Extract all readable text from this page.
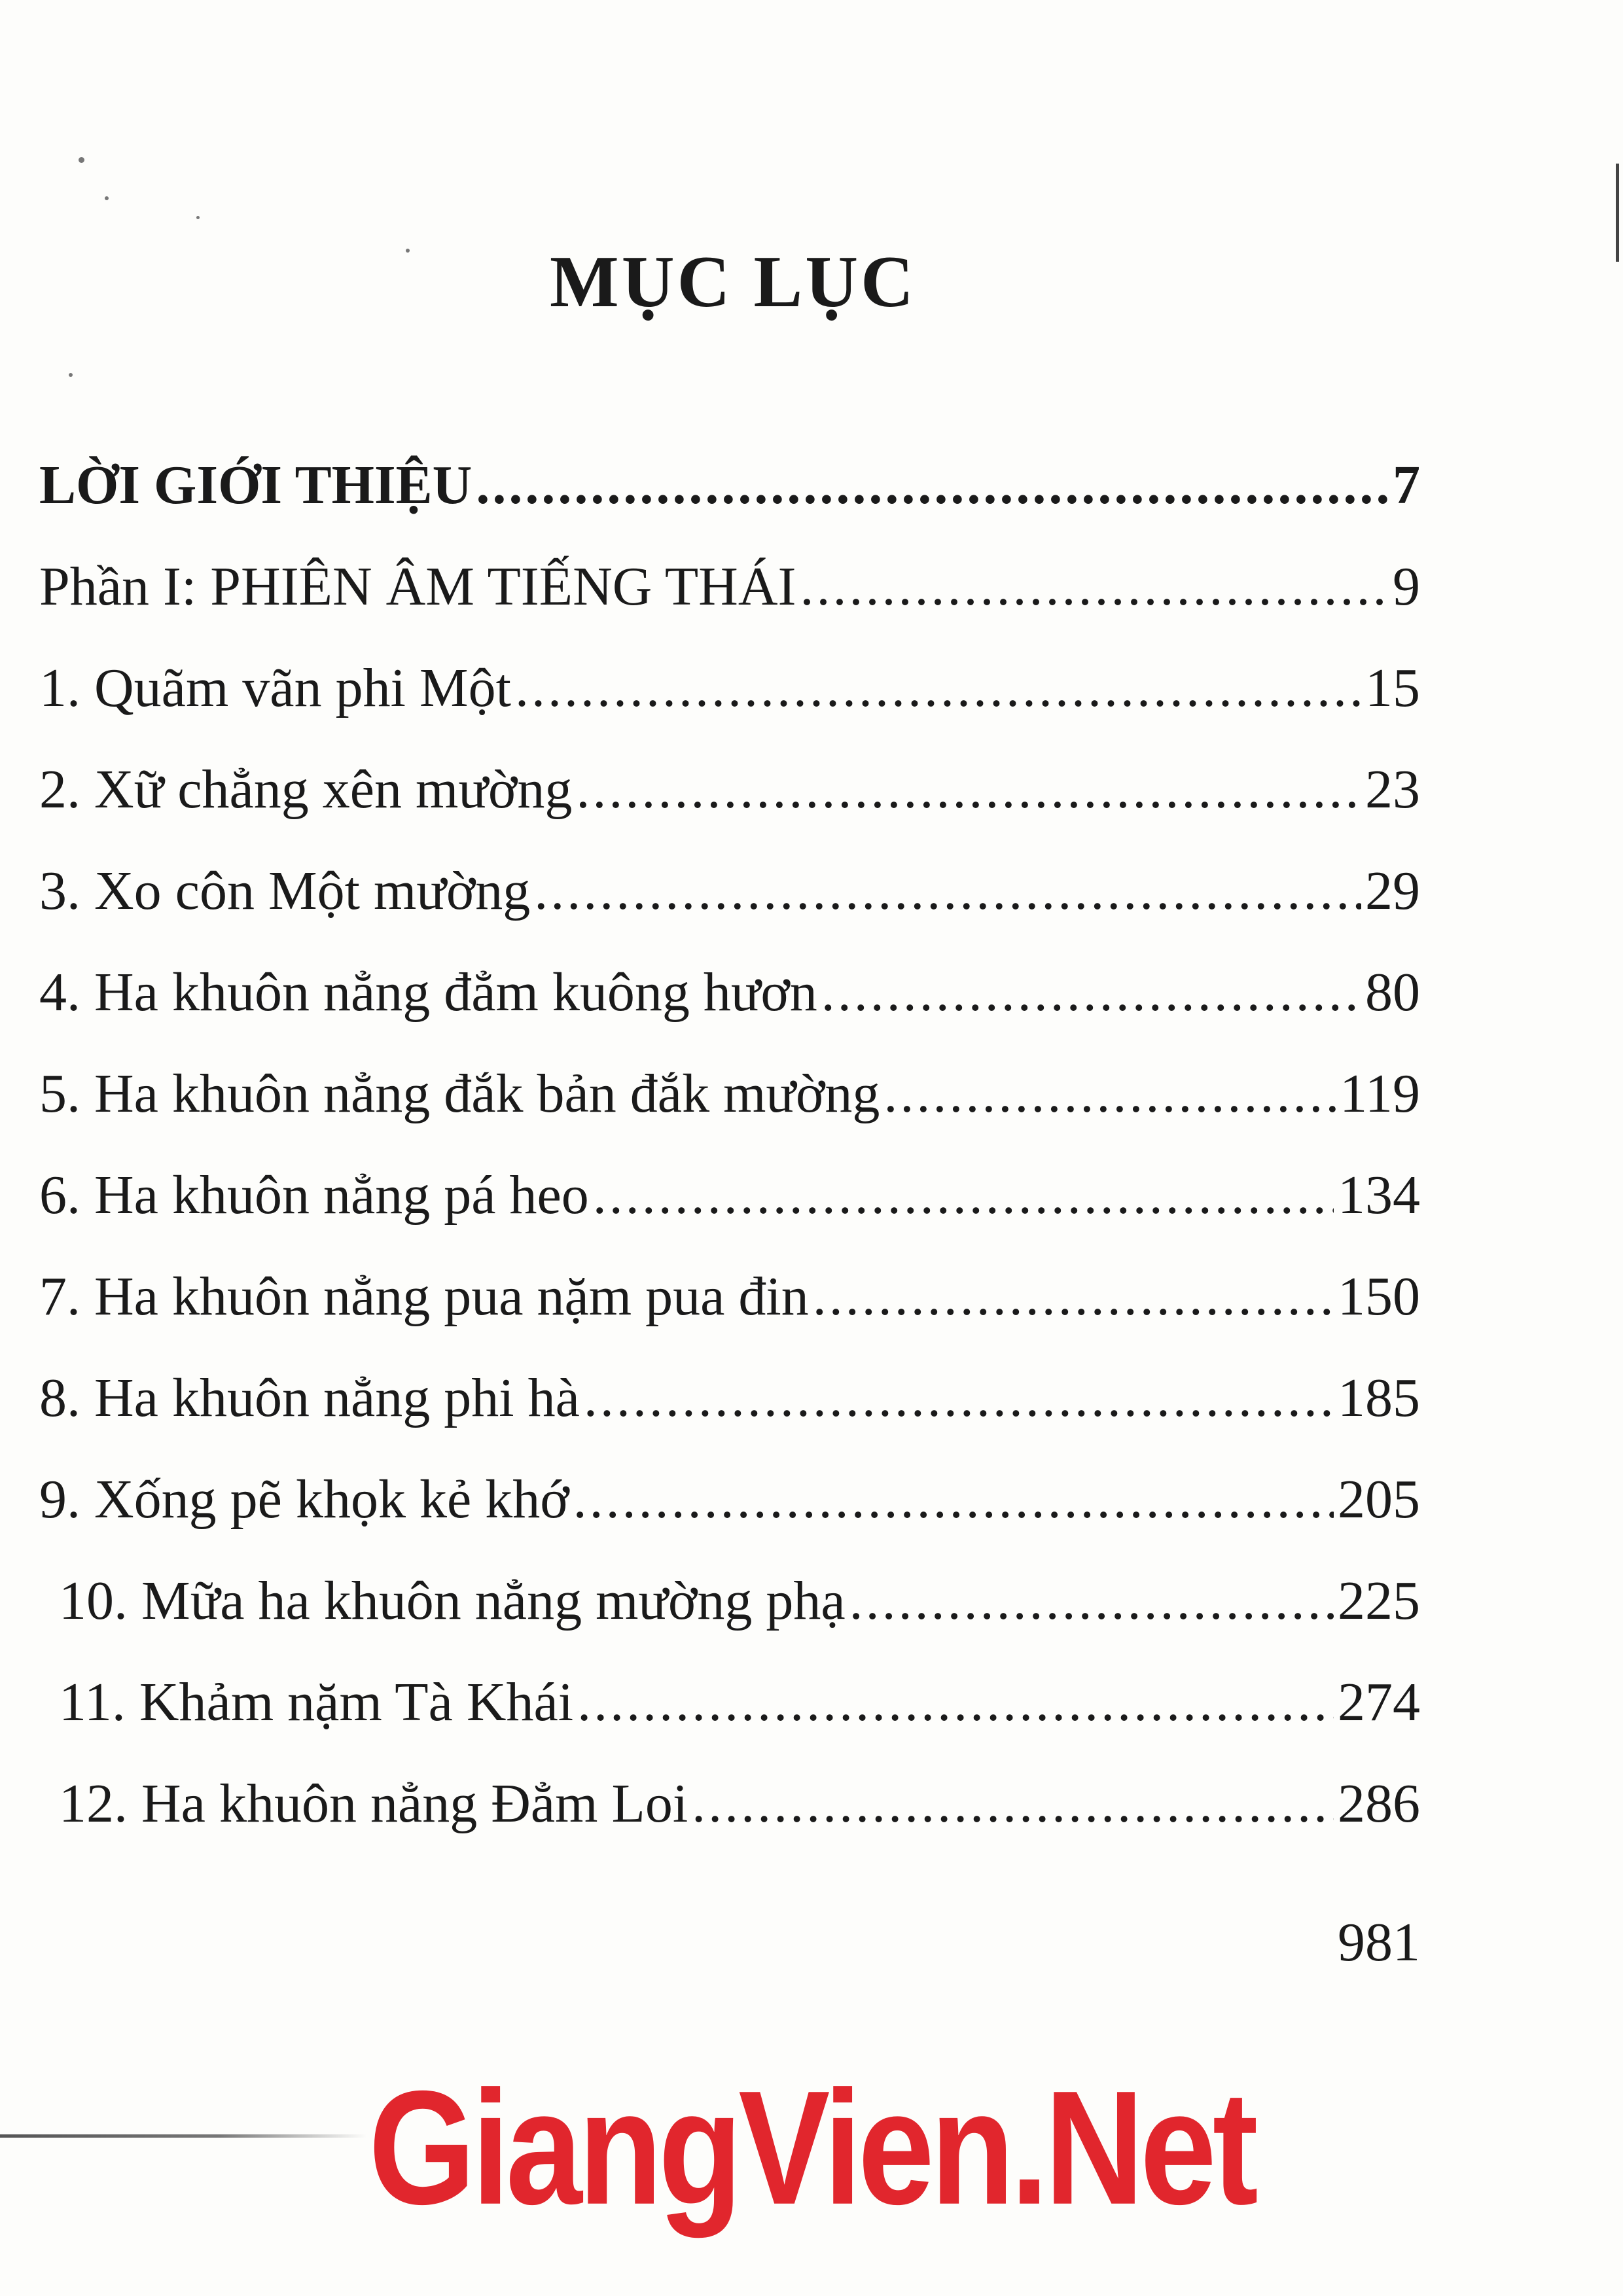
MỤC LỤC
LỜI GIỚI THIỆU .....	7
Phần I: PHIÊN ÂM TIẾNG THÁI .....	9
1. Quãm vãn phi Một .....	15
2. Xữ chẳng xên mường .....	23
3. Xo côn Một mường .....	29
4. Ha khuôn nẳng đẳm kuông hươn .....	80
5. Ha khuôn nẳng đắk bản đắk mường .....	119
6. Ha khuôn nẳng pá heo .....	134
7. Ha khuôn nẳng pua nặm pua đin .....	150
8. Ha khuôn nẳng phi hà .....	185
9. Xống pẽ khọk kẻ khớ .....	205
10. Mữa ha khuôn nẳng mường phạ .....	225
11. Khảm nặm Tà Khái .....	274
12. Ha khuôn nẳng Đẳm Loi .....	286
981
GiangVien.Net
